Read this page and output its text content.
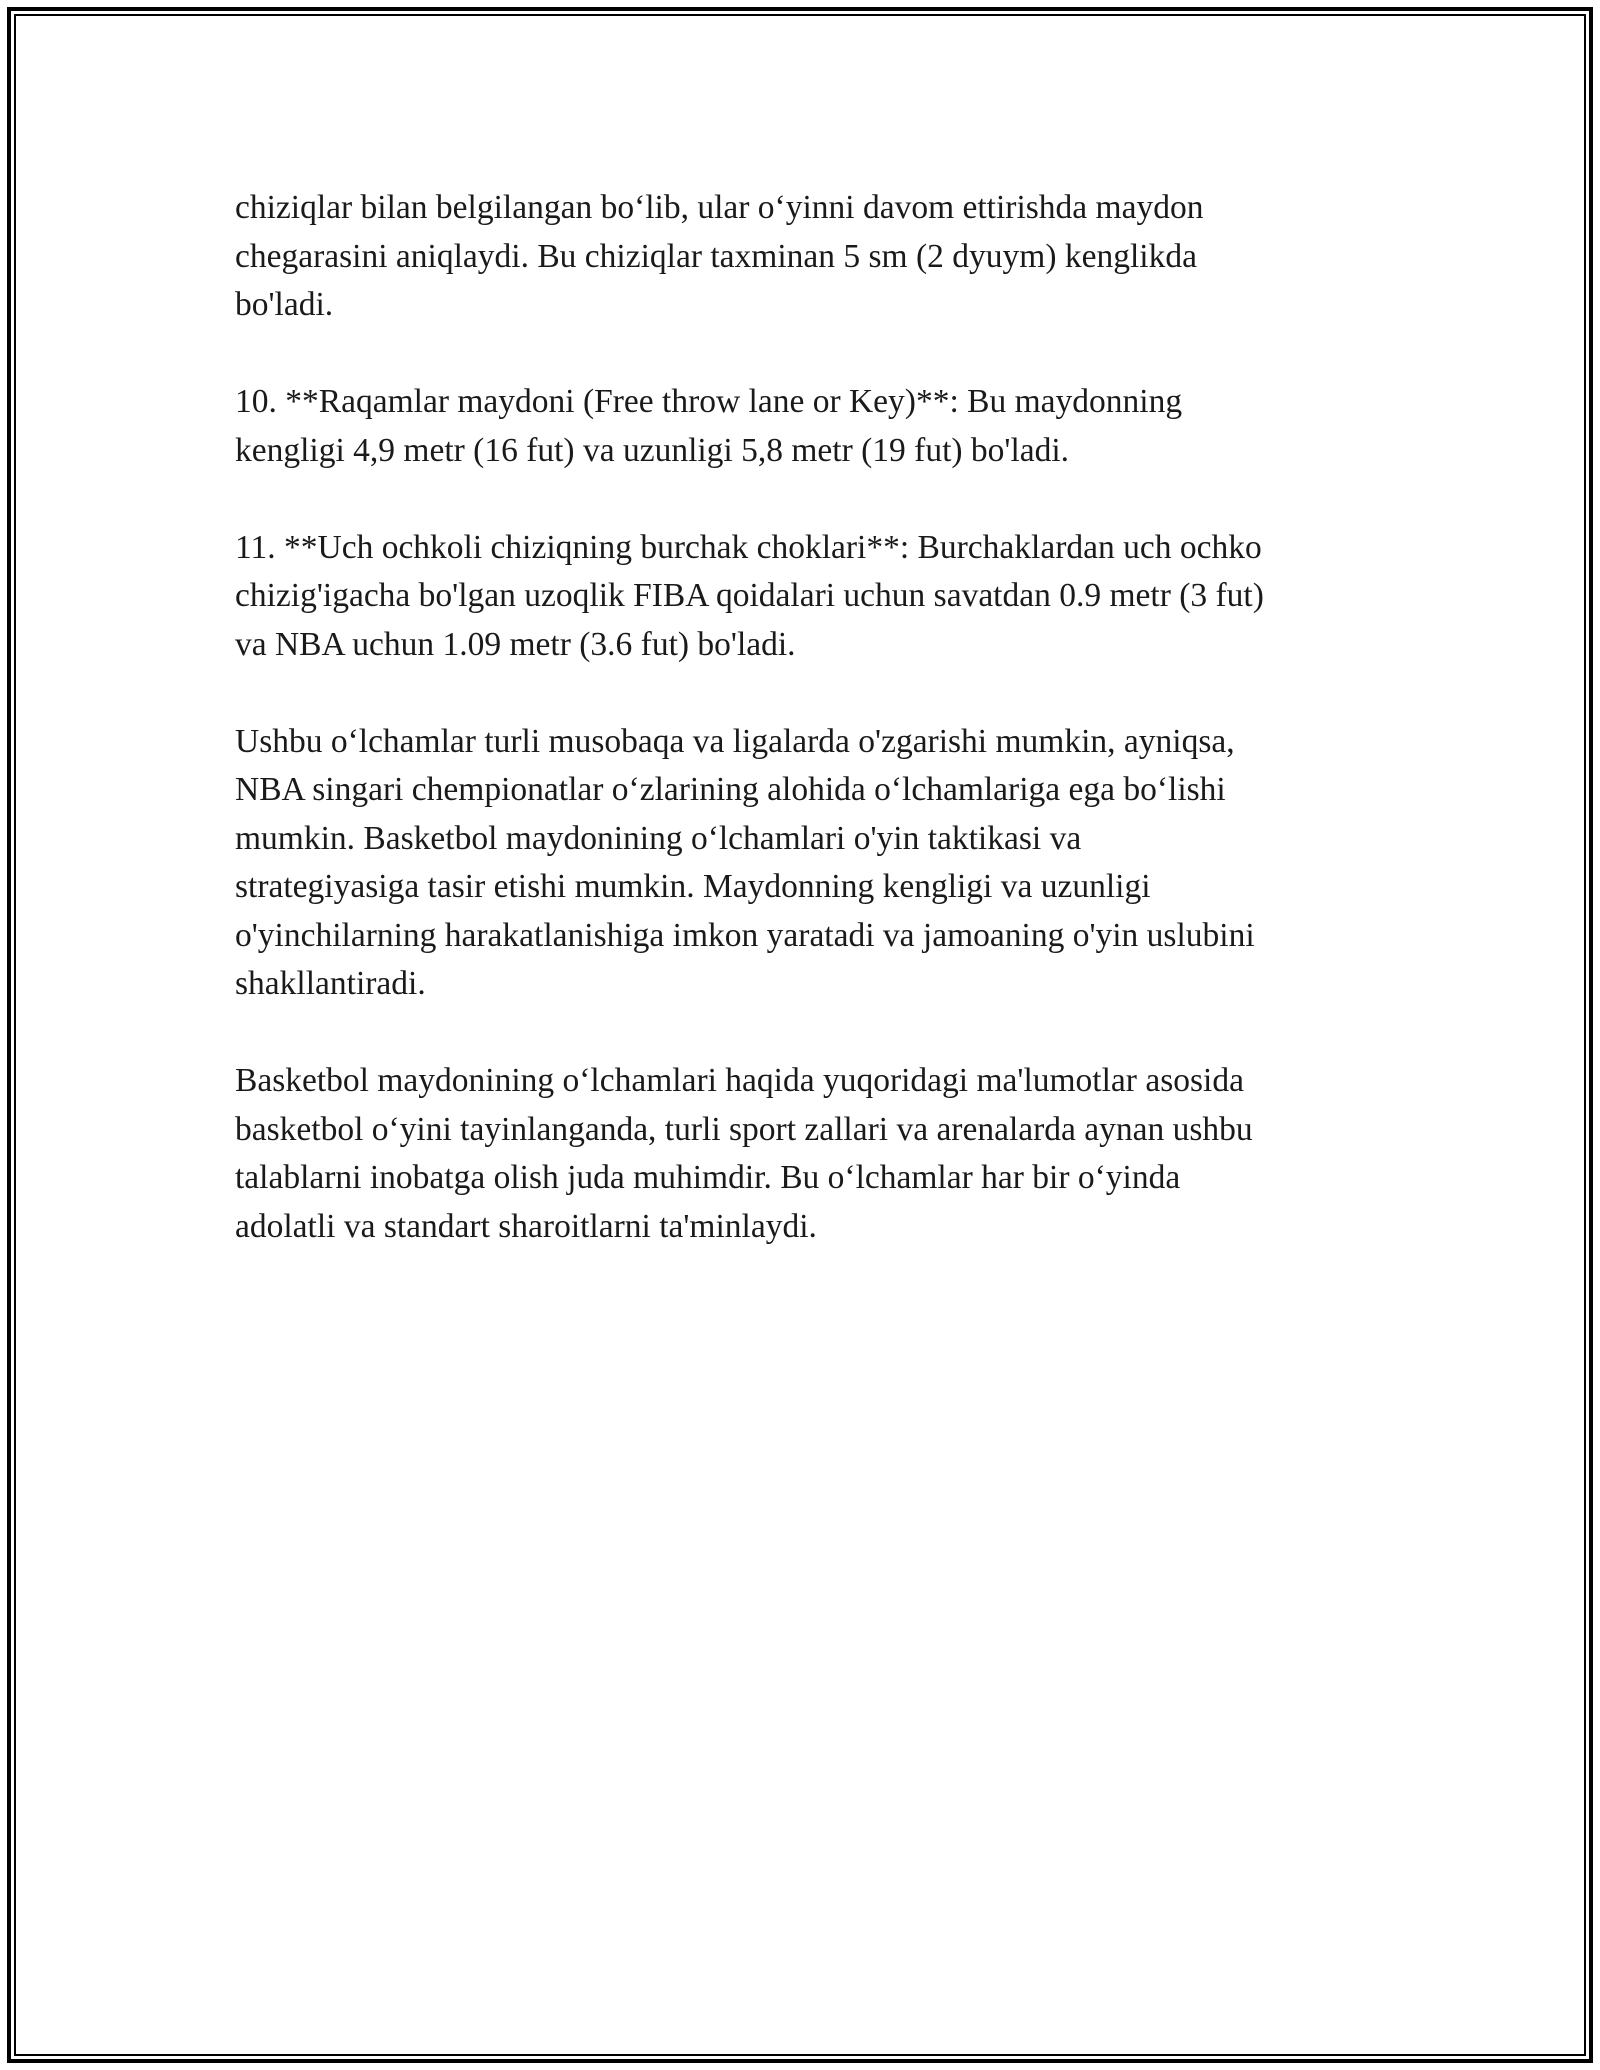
chiziqlar bilan belgilangan bo‘lib, ular o‘yinni davom ettirishda maydon
chegarasini aniqlaydi. Bu chiziqlar taxminan 5 sm (2 dyuym) kenglikda
bo'ladi.

10. **Raqamlar maydoni (Free throw lane or Key)**: Bu maydonning
kengligi 4,9 metr (16 fut) va uzunligi 5,8 metr (19 fut) bo'ladi.

11. **Uch ochkoli chiziqning burchak choklari**: Burchaklardan uch ochko
chizig'igacha bo'lgan uzoqlik FIBA qoidalari uchun savatdan 0.9 metr (3 fut)
va NBA uchun 1.09 metr (3.6 fut) bo'ladi.

Ushbu o‘lchamlar turli musobaqa va ligalarda o'zgarishi mumkin, ayniqsa,
NBA singari chempionatlar o‘zlarining alohida o‘lchamlariga ega bo‘lishi
mumkin. Basketbol maydonining o‘lchamlari o'yin taktikasi va
strategiyasiga tasir etishi mumkin. Maydonning kengligi va uzunligi
o'yinchilarning harakatlanishiga imkon yaratadi va jamoaning o'yin uslubini
shakllantiradi.

Basketbol maydonining o‘lchamlari haqida yuqoridagi ma'lumotlar asosida
basketbol o‘yini tayinlanganda, turli sport zallari va arenalarda aynan ushbu
talablarni inobatga olish juda muhimdir. Bu o‘lchamlar har bir o‘yinda
adolatli va standart sharoitlarni ta'minlaydi.
